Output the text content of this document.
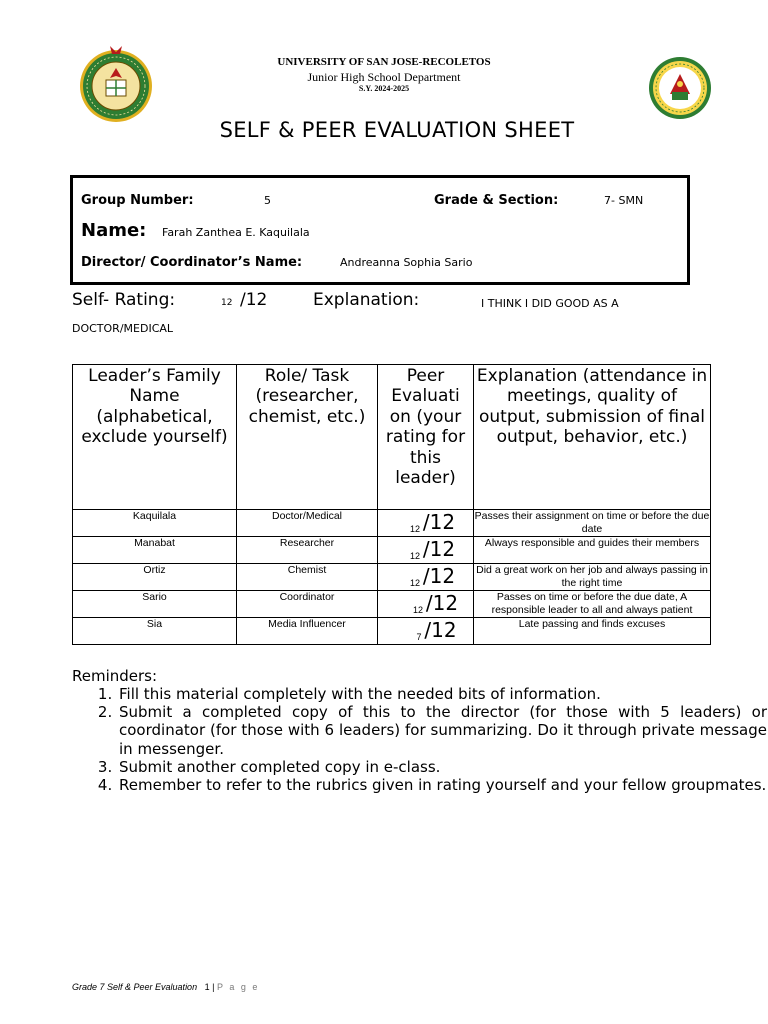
UNIVERSITY OF SAN JOSE-RECOLETOS
Junior High School Department
S.Y. 2024-2025
SELF & PEER EVALUATION SHEET
Group Number:	5	Grade & Section:	7- SMN
Name: Farah Zanthea E. Kaquilala
Director/ Coordinator’s Name:	Andreanna Sophia Sario
Self- Rating:	12 /12	Explanation:	I THINK I DID GOOD AS A
DOCTOR/MEDICAL
Leader’s Family Name (alphabetical, exclude yourself)	Role/ Task (researcher, chemist, etc.)	Peer Evaluati on (your rating for this leader)	Explanation (attendance in meetings, quality of output, submission of final output, behavior, etc.)
Kaquilala	Doctor/Medical	12 /12	Passes their assignment on time or before the due date
Manabat	Researcher	12 /12	Always responsible and guides their members
Ortiz	Chemist	12 /12	Did a great work on her job and always passing in the right time
Sario	Coordinator	12 /12	Passes on time or before the due date, A responsible leader to all and always patient
Sia	Media Influencer	7 /12	Late passing and finds excuses
Reminders:
1. Fill this material completely with the needed bits of information.
2. Submit a completed copy of this to the director (for those with 5 leaders) or coordinator (for those with 6 leaders) for summarizing. Do it through private message in messenger.
3. Submit another completed copy in e-class.
4. Remember to refer to the rubrics given in rating yourself and your fellow groupmates.
Grade 7 Self & Peer Evaluation 1 | P a g e
